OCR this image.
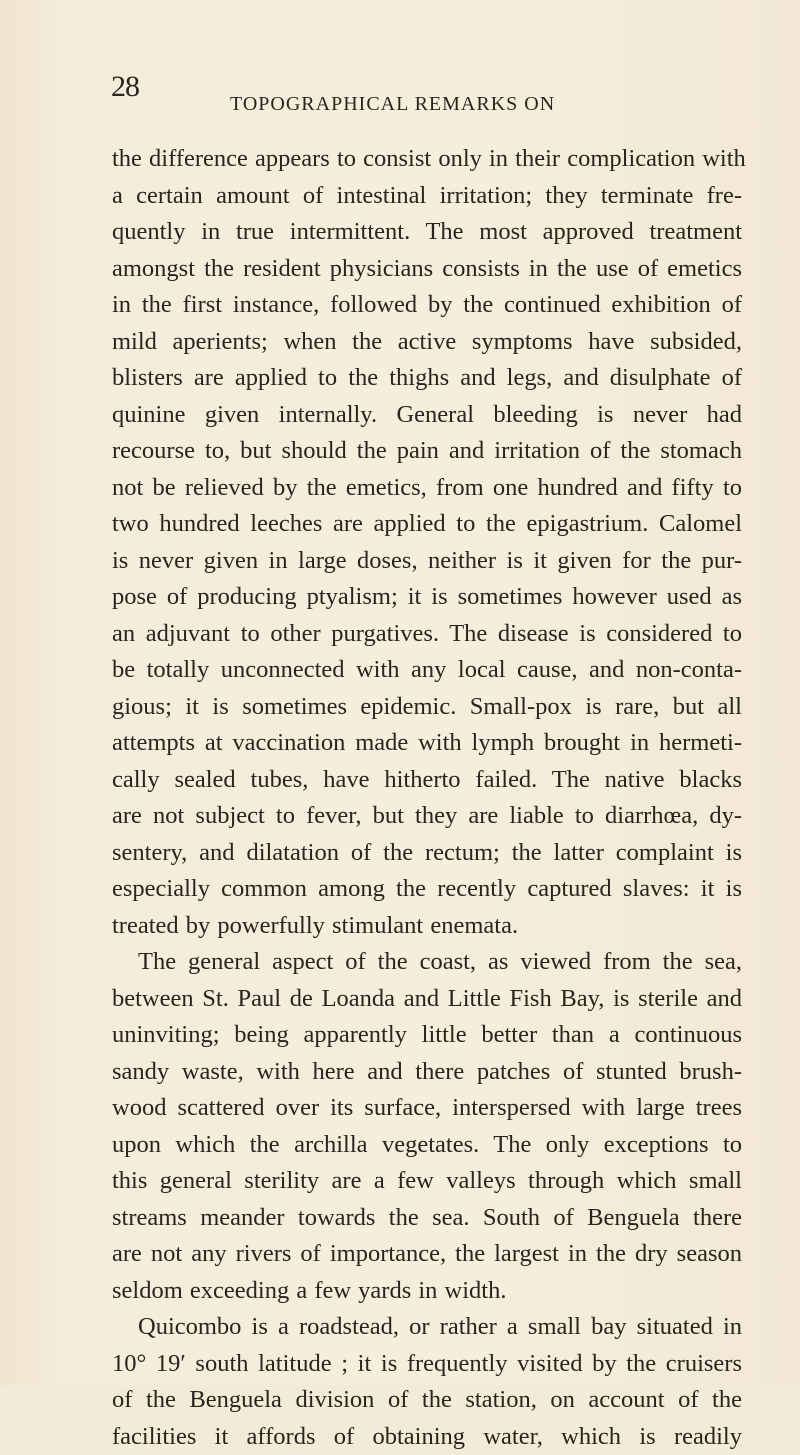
28
TOPOGRAPHICAL REMARKS ON
the difference appears to consist only in their complication with
a certain amount of intestinal irritation; they terminate fre-
quently in true intermittent. The most approved treatment
amongst the resident physicians consists in the use of emetics
in the first instance, followed by the continued exhibition of
mild aperients; when the active symptoms have subsided,
blisters are applied to the thighs and legs, and disulphate of
quinine given internally. General bleeding is never had
recourse to, but should the pain and irritation of the stomach
not be relieved by the emetics, from one hundred and fifty to
two hundred leeches are applied to the epigastrium. Calomel
is never given in large doses, neither is it given for the pur-
pose of producing ptyalism; it is sometimes however used as
an adjuvant to other purgatives. The disease is considered to
be totally unconnected with any local cause, and non-conta-
gious; it is sometimes epidemic. Small-pox is rare, but all
attempts at vaccination made with lymph brought in hermeti-
cally sealed tubes, have hitherto failed. The native blacks
are not subject to fever, but they are liable to diarrhœa, dy-
sentery, and dilatation of the rectum; the latter complaint is
especially common among the recently captured slaves: it is
treated by powerfully stimulant enemata.
The general aspect of the coast, as viewed from the sea,
between St. Paul de Loanda and Little Fish Bay, is sterile and
uninviting; being apparently little better than a continuous
sandy waste, with here and there patches of stunted brush-
wood scattered over its surface, interspersed with large trees
upon which the archilla vegetates. The only exceptions to
this general sterility are a few valleys through which small
streams meander towards the sea. South of Benguela there
are not any rivers of importance, the largest in the dry season
seldom exceeding a few yards in width.
Quicombo is a roadstead, or rather a small bay situated in
10° 19′ south latitude ; it is frequently visited by the cruisers
of the Benguela division of the station, on account of the
facilities it affords of obtaining water, which is readily
